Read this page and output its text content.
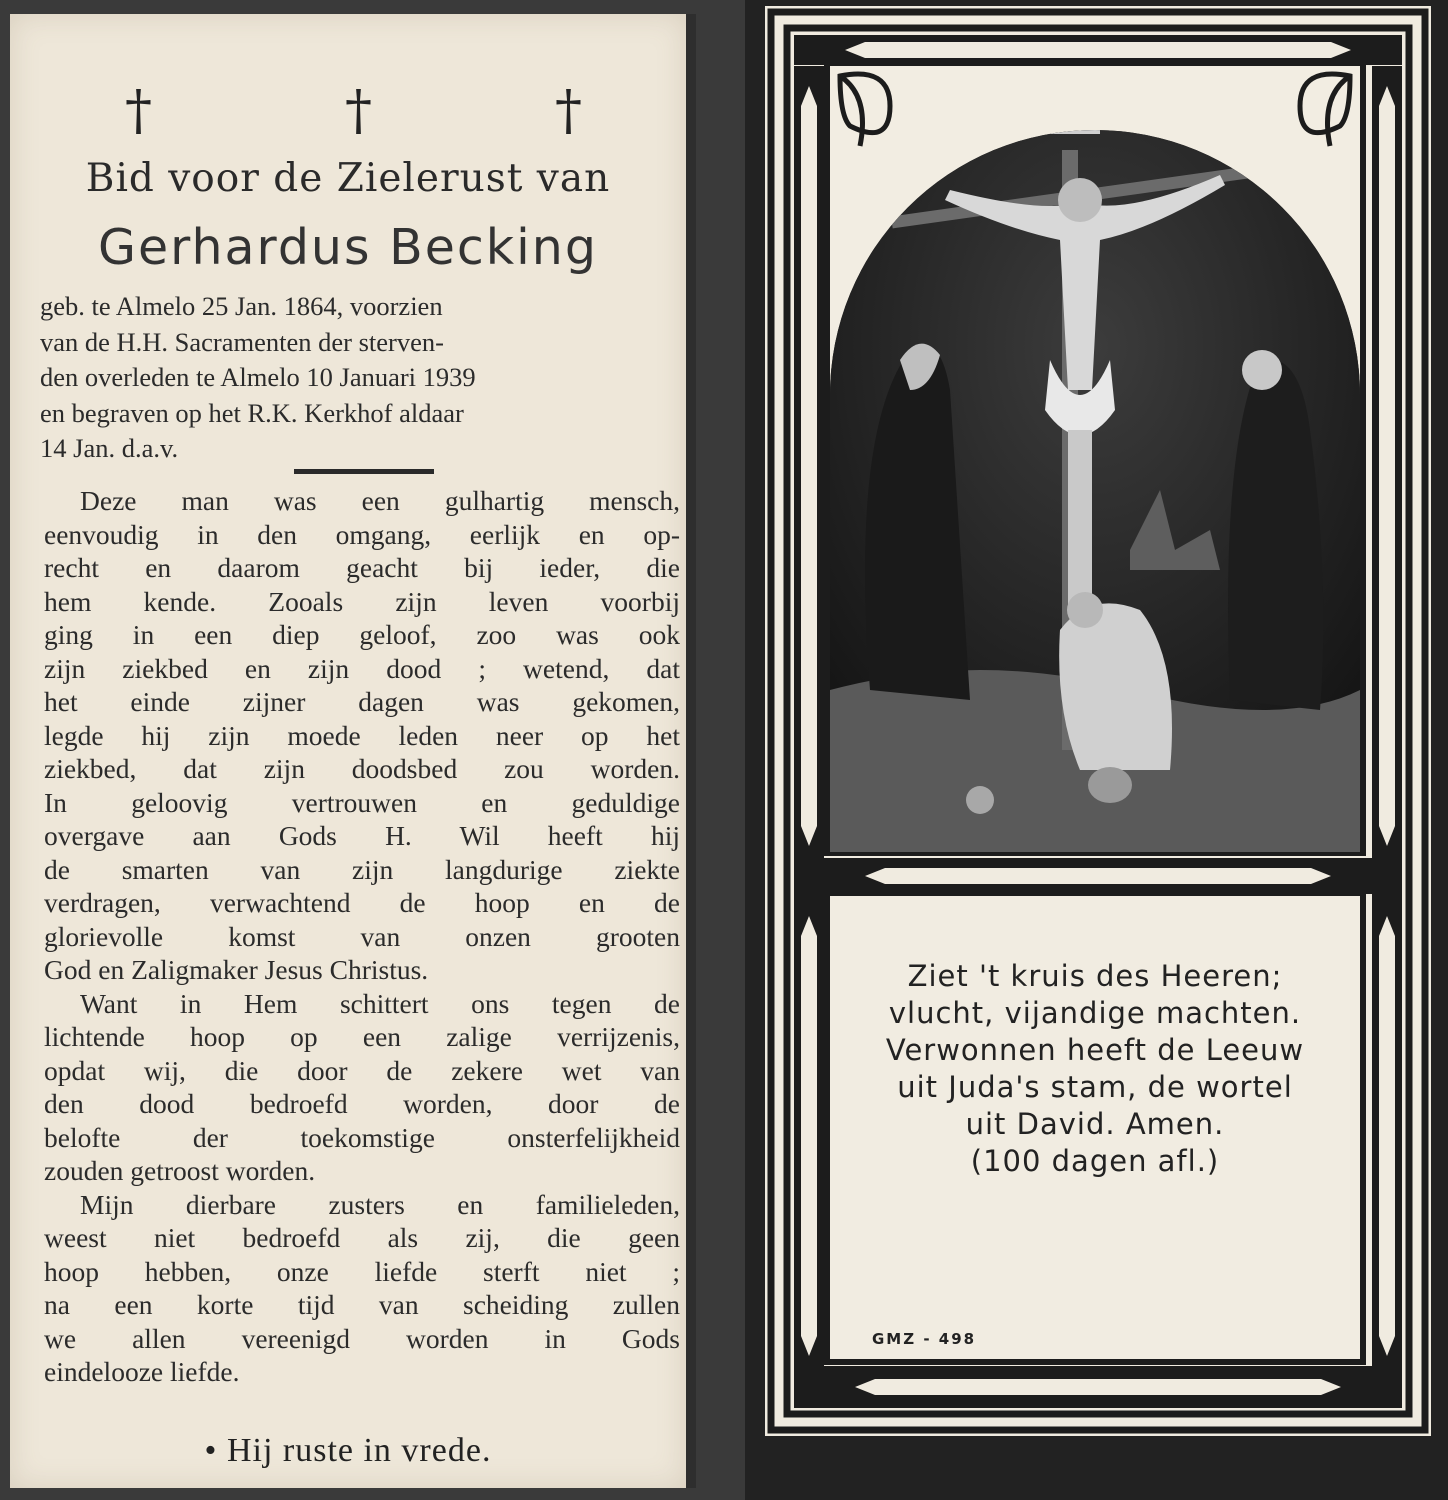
†	†	†
Bid voor de Zielerust van
Gerhardus Becking
geb. te Almelo 25 Jan. 1864, voorzien
van de H.H. Sacramenten der sterven-
den overleden te Almelo 10 Januari 1939
en begraven op het R.K. Kerkhof aldaar
14 Jan. d.a.v.
Deze man was een gulhartig mensch,
eenvoudig in den omgang, eerlijk en op-
recht en daarom geacht bij ieder, die
hem kende. Zooals zijn leven voorbij
ging in een diep geloof, zoo was ook
zijn ziekbed en zijn dood ; wetend, dat
het einde zijner dagen was gekomen,
legde hij zijn moede leden neer op het
ziekbed, dat zijn doodsbed zou worden.
In geloovig vertrouwen en geduldige
overgave aan Gods H. Wil heeft hij
de smarten van zijn langdurige ziekte
verdragen, verwachtend de hoop en de
glorievolle komst van onzen grooten
God en Zaligmaker Jesus Christus.
Want in Hem schittert ons tegen de
lichtende hoop op een zalige verrijzenis,
opdat wij, die door de zekere wet van
den dood bedroefd worden, door de
belofte der toekomstige onsterfelijkheid
zouden getroost worden.
Mijn dierbare zusters en familieleden,
weest niet bedroefd als zij, die geen
hoop hebben, onze liefde sterft niet ;
na een korte tijd van scheiding zullen
we allen vereenigd worden in Gods
eindelooze liefde.
• Hij ruste in vrede.
Ziet 't kruis des Heeren;
vlucht, vijandige machten.
Verwonnen heeft de Leeuw
uit Juda's stam, de wortel
uit David. Amen.
(100 dagen afl.)
GMZ - 498
